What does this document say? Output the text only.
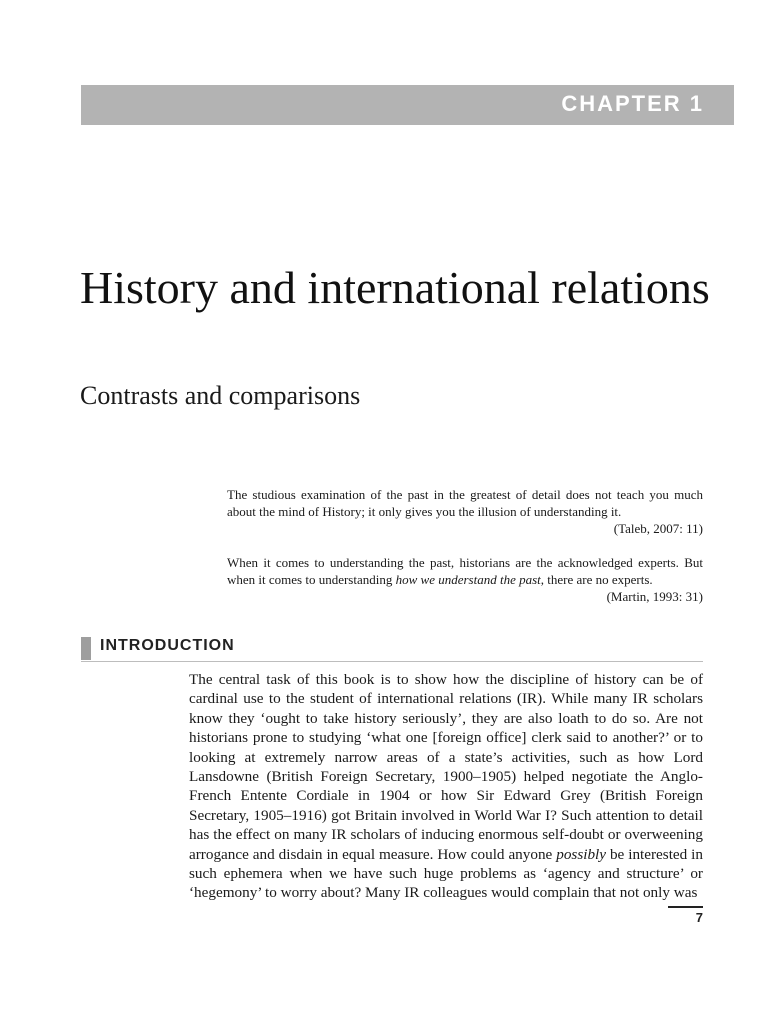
CHAPTER 1
History and international relations
Contrasts and comparisons
The studious examination of the past in the greatest of detail does not teach you much about the mind of History; it only gives you the illusion of understanding it.
(Taleb, 2007: 11)
When it comes to understanding the past, historians are the acknowledged experts. But when it comes to understanding how we understand the past, there are no experts.
(Martin, 1993: 31)
INTRODUCTION

The central task of this book is to show how the discipline of history can be of cardinal use to the student of international relations (IR). While many IR scholars know they ‘ought to take history seriously’, they are also loath to do so. Are not historians prone to studying ‘what one [foreign office] clerk said to another?’ or to looking at extremely narrow areas of a state’s activities, such as how Lord Lansdowne (British Foreign Secretary, 1900–1905) helped negotiate the Anglo-French Entente Cordiale in 1904 or how Sir Edward Grey (British Foreign Secretary, 1905–1916) got Britain involved in World War I? Such attention to detail has the effect on many IR scholars of inducing enormous self-doubt or overweening arrogance and disdain in equal measure. How could anyone possibly be interested in such ephemera when we have such huge problems as ‘agency and structure’ or ‘hegemony’ to worry about? Many IR colleagues would complain that not only was

7
